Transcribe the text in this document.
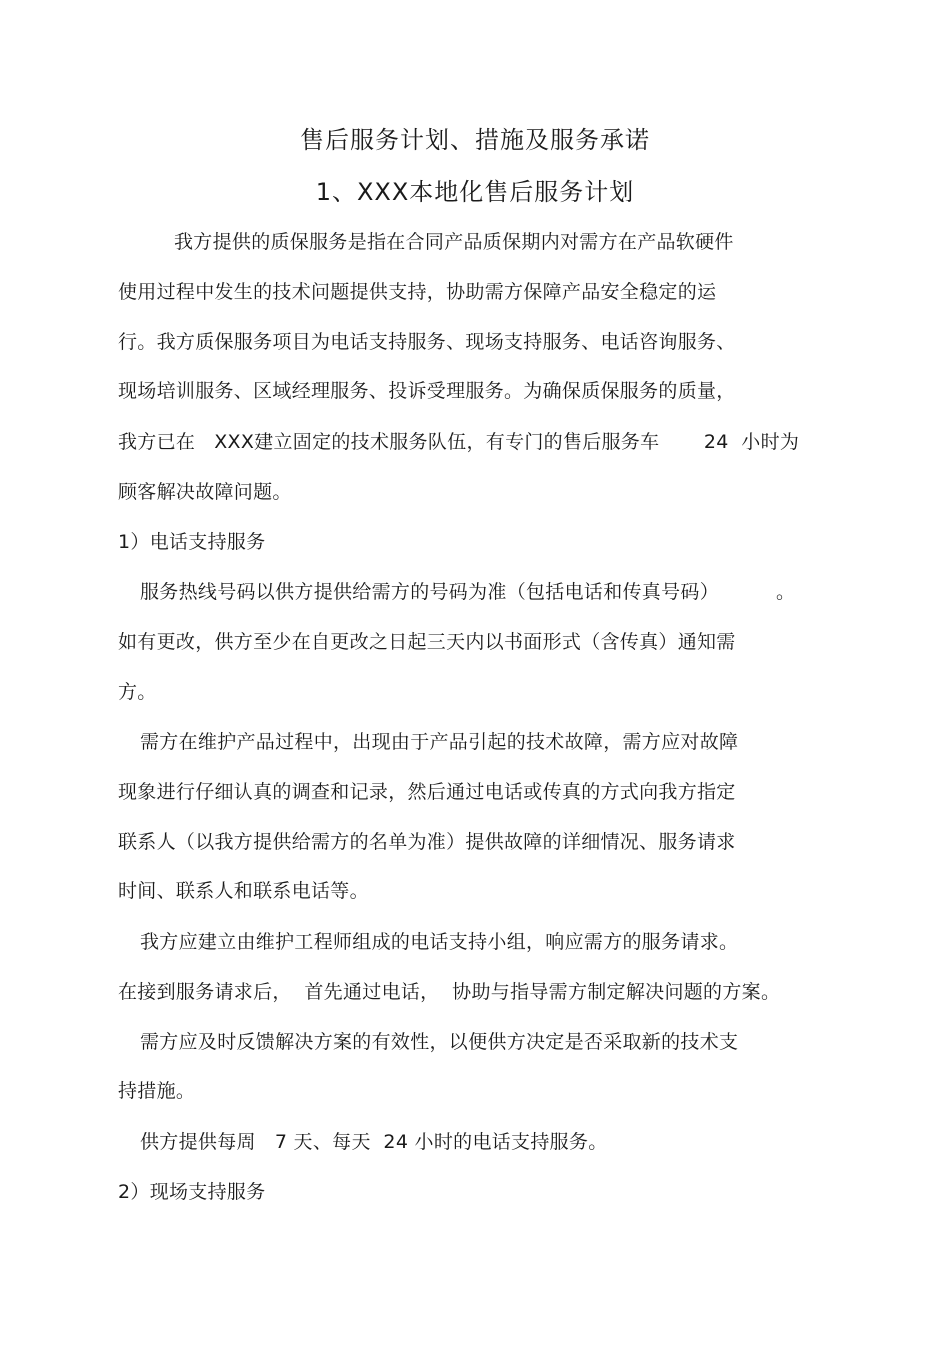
售后服务计划、措施及服务承诺
1、XXX本地化售后服务计划
我方提供的质保服务是指在合同产品质保期内对需方在产品软硬件
使用过程中发生的技术问题提供支持，协助需方保障产品安全稳定的运
行。我方质保服务项目为电话支持服务、现场支持服务、电话咨询服务、
现场培训服务、区域经理服务、投诉受理服务。为确保质保服务的质量，
我方已在   XXX建立固定的技术服务队伍，有专门的售后服务车       24  小时为
顾客解决故障问题。
1）电话支持服务
服务热线号码以供方提供给需方的号码为准（包括电话和传真号码）         。
如有更改，供方至少在自更改之日起三天内以书面形式（含传真）通知需
方。
需方在维护产品过程中，出现由于产品引起的技术故障，需方应对故障
现象进行仔细认真的调查和记录，然后通过电话或传真的方式向我方指定
联系人（以我方提供给需方的名单为准）提供故障的详细情况、服务请求
时间、联系人和联系电话等。
我方应建立由维护工程师组成的电话支持小组，响应需方的服务请求。
在接到服务请求后，  首先通过电话，  协助与指导需方制定解决问题的方案。
需方应及时反馈解决方案的有效性，以便供方决定是否采取新的技术支
持措施。
供方提供每周   7 天、每天  24 小时的电话支持服务。
2）现场支持服务
